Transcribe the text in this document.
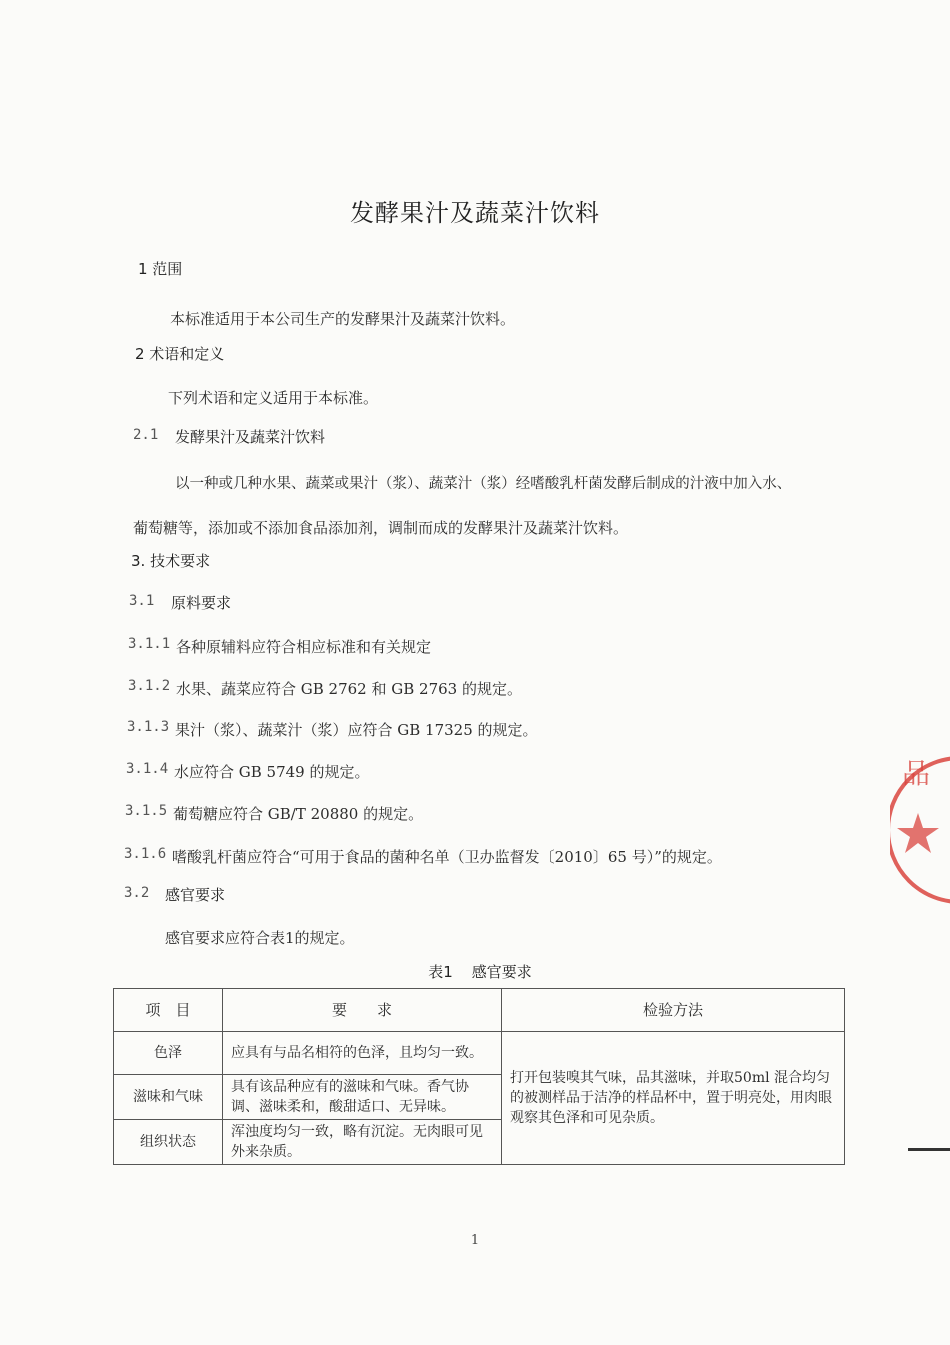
发酵果汁及蔬菜汁饮料
1 范围
本标准适用于本公司生产的发酵果汁及蔬菜汁饮料。
2 术语和定义
下列术语和定义适用于本标准。
2.1 发酵果汁及蔬菜汁饮料
以一种或几种水果、蔬菜或果汁（浆）、蔬菜汁（浆）经嗜酸乳杆菌发酵后制成的汁液中加入水、
葡萄糖等，添加或不添加食品添加剂，调制而成的发酵果汁及蔬菜汁饮料。
3. 技术要求
3.1 原料要求
3.1.1 各种原辅料应符合相应标准和有关规定
3.1.2 水果、蔬菜应符合 GB 2762 和 GB 2763 的规定。
3.1.3 果汁（浆）、蔬菜汁（浆）应符合 GB 17325 的规定。
3.1.4 水应符合 GB 5749 的规定。
3.1.5 葡萄糖应符合 GB/T 20880 的规定。
3.1.6 嗜酸乳杆菌应符合“可用于食品的菌种名单（卫办监督发〔2010〕65 号）”的规定。
3.2 感官要求
感官要求应符合表1的规定。
表1    感官要求
项　目	要　　求	检验方法
色泽	应具有与品名相符的色泽，且均匀一致。	打开包装嗅其气味，品其滋味，并取50ml 混合均匀的被测样品于洁净的样品杯中，置于明亮处，用肉眼观察其色泽和可见杂质。
滋味和气味	具有该品种应有的滋味和气味。香气协调、滋味柔和，酸甜适口、无异味。	
组织状态	浑浊度均匀一致，略有沉淀。无肉眼可见外来杂质。	
1
品
